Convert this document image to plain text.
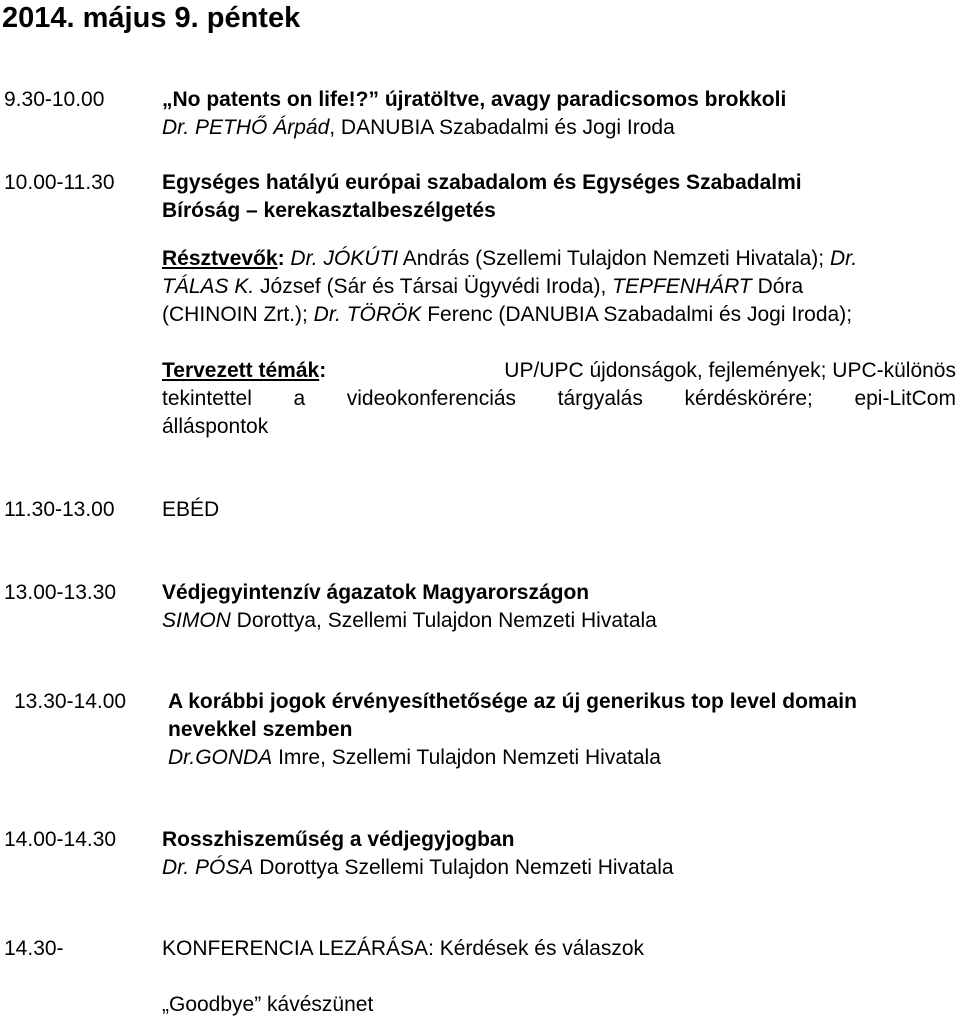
2014. május 9. péntek
9.30-10.00	„No patents on life!?” újratöltve, avagy paradicsomos brokkoli
Dr. PETHŐ Árpád, DANUBIA Szabadalmi és Jogi Iroda
10.00-11.30 Egységes hatályú európai szabadalom és Egységes Szabadalmi
Bíróság – kerekasztalbeszélgetés
Résztvevők: Dr. JÓKÚTI András (Szellemi Tulajdon Nemzeti Hivatala); Dr.
TÁLAS K. József (Sár és Társai Ügyvédi Iroda), TEPFENHÁRT Dóra
(CHINOIN Zrt.); Dr. TÖRÖK Ferenc (DANUBIA Szabadalmi és Jogi Iroda);
Tervezett témák:	UP/UPC újdonságok, fejlemények; UPC-különös
tekintettel a videokonferenciás tárgyalás kérdéskörére; epi-LitCom
álláspontok
11.30-13.00 EBÉD
13.00-13.30 Védjegyintenzív ágazatok Magyarországon
SIMON Dorottya, Szellemi Tulajdon Nemzeti Hivatala
13.30-14.00 A korábbi jogok érvényesíthetősége az új generikus top level domain
nevekkel szemben
Dr.GONDA Imre, Szellemi Tulajdon Nemzeti Hivatala
14.00-14.30 Rosszhiszeműség a védjegyjogban
Dr. PÓSA Dorottya Szellemi Tulajdon Nemzeti Hivatala
14.30-	KONFERENCIA LEZÁRÁSA: Kérdések és válaszok
„Goodbye” kávészünet
